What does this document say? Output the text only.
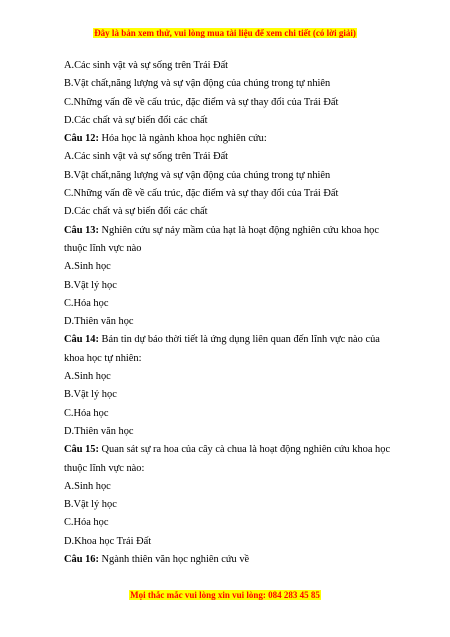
Đây là bản xem thử, vui lòng mua tài liệu để xem chi tiết (có lời giải)
A.Các sinh vật và sự sống trên Trái Đất
B.Vật chất,năng lượng và sự vận động của chúng trong tự nhiên
C.Những vấn đề về cấu trúc, đặc điểm và sự thay đổi của Trái Đất
D.Các chất và sự biến đổi các chất
Câu 12: Hóa học là ngành khoa học nghiên cứu:
A.Các sinh vật và sự sống trên Trái Đất
B.Vật chất,năng lượng và sự vận động của chúng trong tự nhiên
C.Những vấn đề về cấu trúc, đặc điểm và sự thay đổi của Trái Đất
D.Các chất và sự biến đổi các chất
Câu 13: Nghiên cứu sự nảy mầm của hạt là hoạt động nghiên cứu khoa học
thuộc lĩnh vực nào
A.Sinh học
B.Vật lý học
C.Hóa học
D.Thiên văn học
Câu 14: Bản tin dự báo thời tiết là ứng dụng liên quan đến lĩnh vực nào của
khoa học tự nhiên:
A.Sinh học
B.Vật lý học
C.Hóa học
D.Thiên văn học
Câu 15: Quan sát sự ra hoa của cây cà chua là hoạt động nghiên cứu khoa học
thuộc lĩnh vực nào:
A.Sinh học
B.Vật lý học
C.Hóa học
D.Khoa học Trái Đất
Câu 16: Ngành thiên văn học nghiên cứu về
Mọi thắc mắc vui lòng xin vui lòng: 084 283 45 85
